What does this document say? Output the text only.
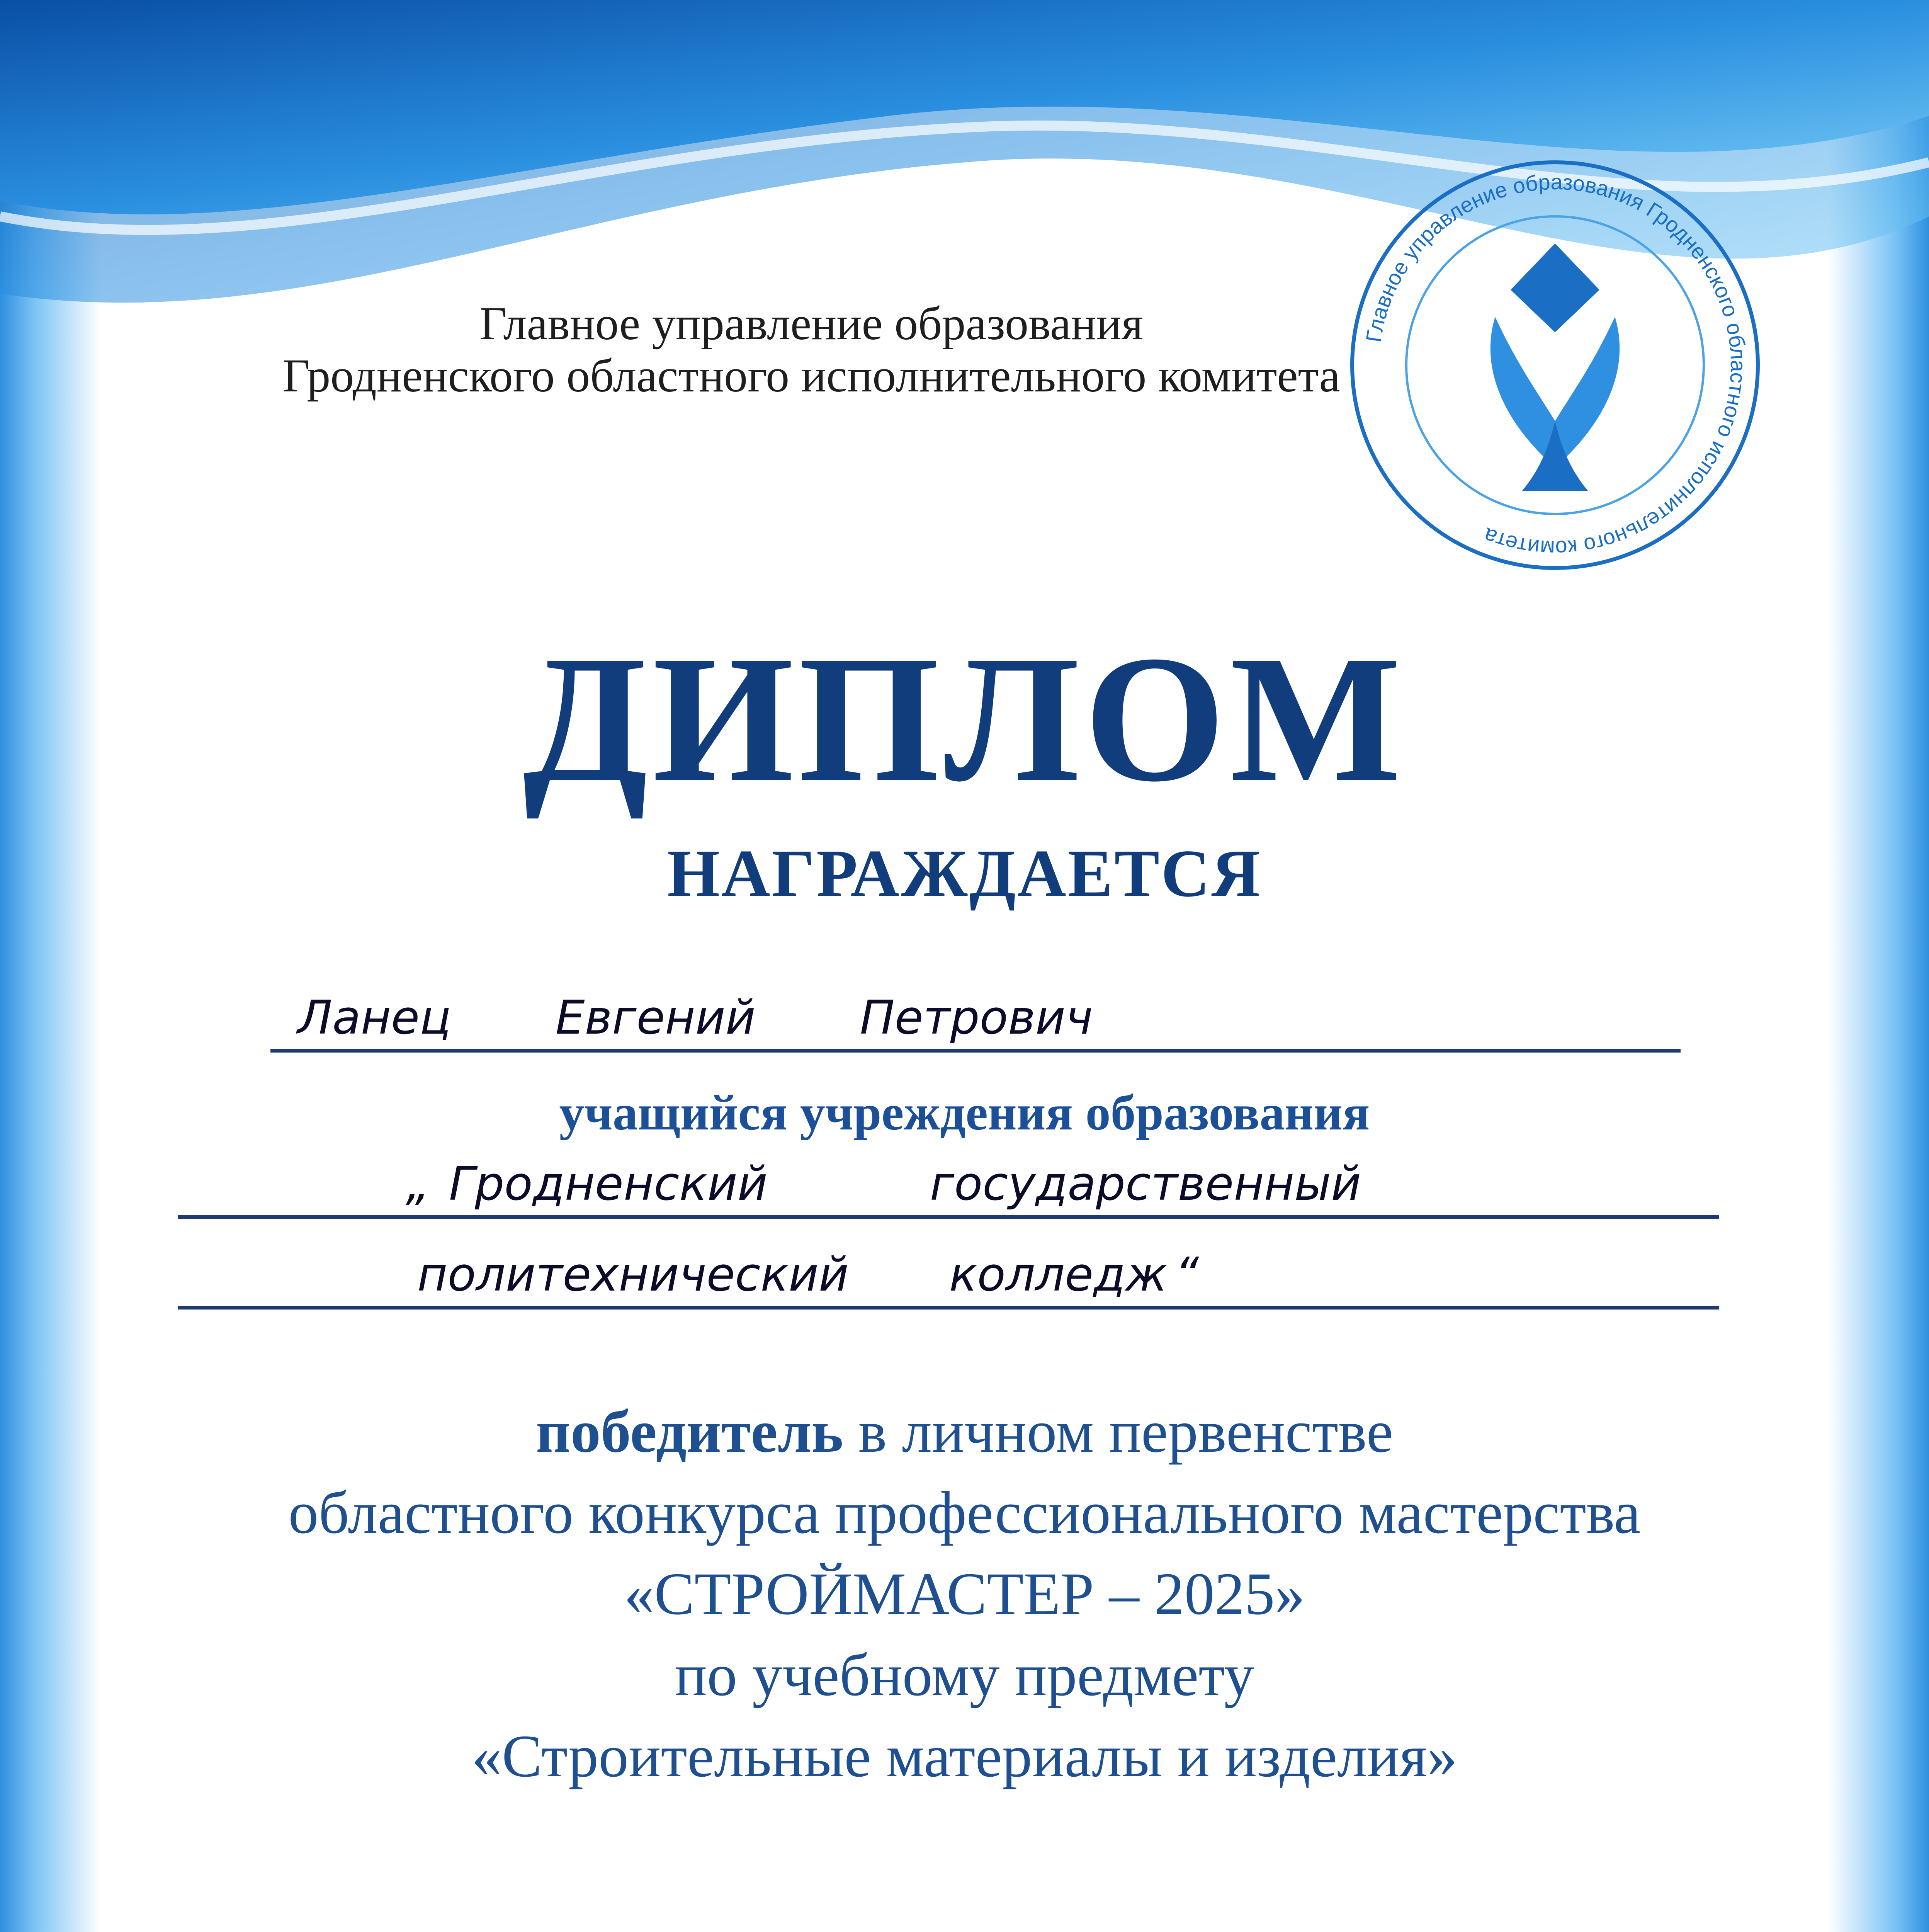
Главное управление образования Гродненского областного исполнительного комитета
Главное управление образования
Гродненского областного исполнительного комитета
ДИПЛОМ
НАГРАЖДАЕТСЯ
Ланец Евгений Петрович
учащийся учреждения образования
„ Гродненский	государственный
политехнический колледж “
победитель в личном первенстве
областного конкурса профессионального мастерства
«СТРОЙМАСТЕР – 2025»
по учебному предмету
«Строительные материалы и изделия»
